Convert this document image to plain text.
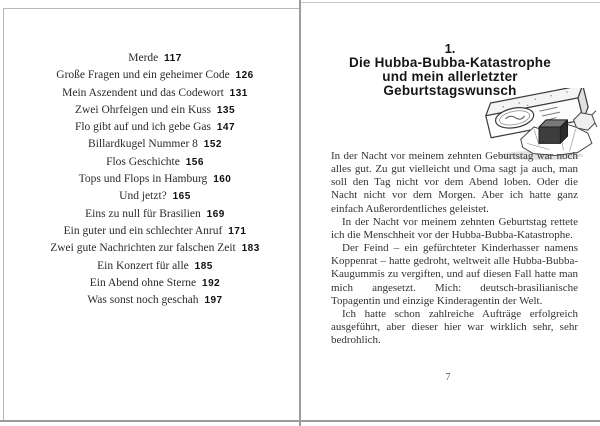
Merde 117
Große Fragen und ein geheimer Code 126
Mein Aszendent und das Codewort 131
Zwei Ohrfeigen und ein Kuss 135
Flo gibt auf und ich gebe Gas 147
Billardkugel Nummer 8 152
Flos Geschichte 156
Tops und Flops in Hamburg 160
Und jetzt? 165
Eins zu null für Brasilien 169
Ein guter und ein schlechter Anruf 171
Zwei gute Nachrichten zur falschen Zeit 183
Ein Konzert für alle 185
Ein Abend ohne Sterne 192
Was sonst noch geschah 197
1.
Die Hubba-Bubba-Katastrophe
und mein allerletzter
Geburtstagswunsch

In der Nacht vor meinem zehnten Geburtstag war noch alles gut. Zu gut vielleicht und Oma sagt ja auch, man soll den Tag nicht vor dem Abend loben. Oder die Nacht nicht vor dem Morgen. Aber ich hatte ganz einfach Außerordentliches geleistet.

In der Nacht vor meinem zehnten Geburtstag rettete ich die Menschheit vor der Hubba-Bubba-Katastrophe.

Der Feind – ein gefürchteter Kinderhasser namens Koppenrat – hatte gedroht, weltweit alle Hubba-Bubba-Kaugummis zu vergiften, und auf diesen Fall hatte man mich angesetzt. Mich: deutsch-brasilianische Topagentin und einzige Kinderagentin der Welt.

Ich hatte schon zahlreiche Aufträge erfolgreich ausgeführt, aber dieser hier war wirklich sehr, sehr bedrohlich.

7
